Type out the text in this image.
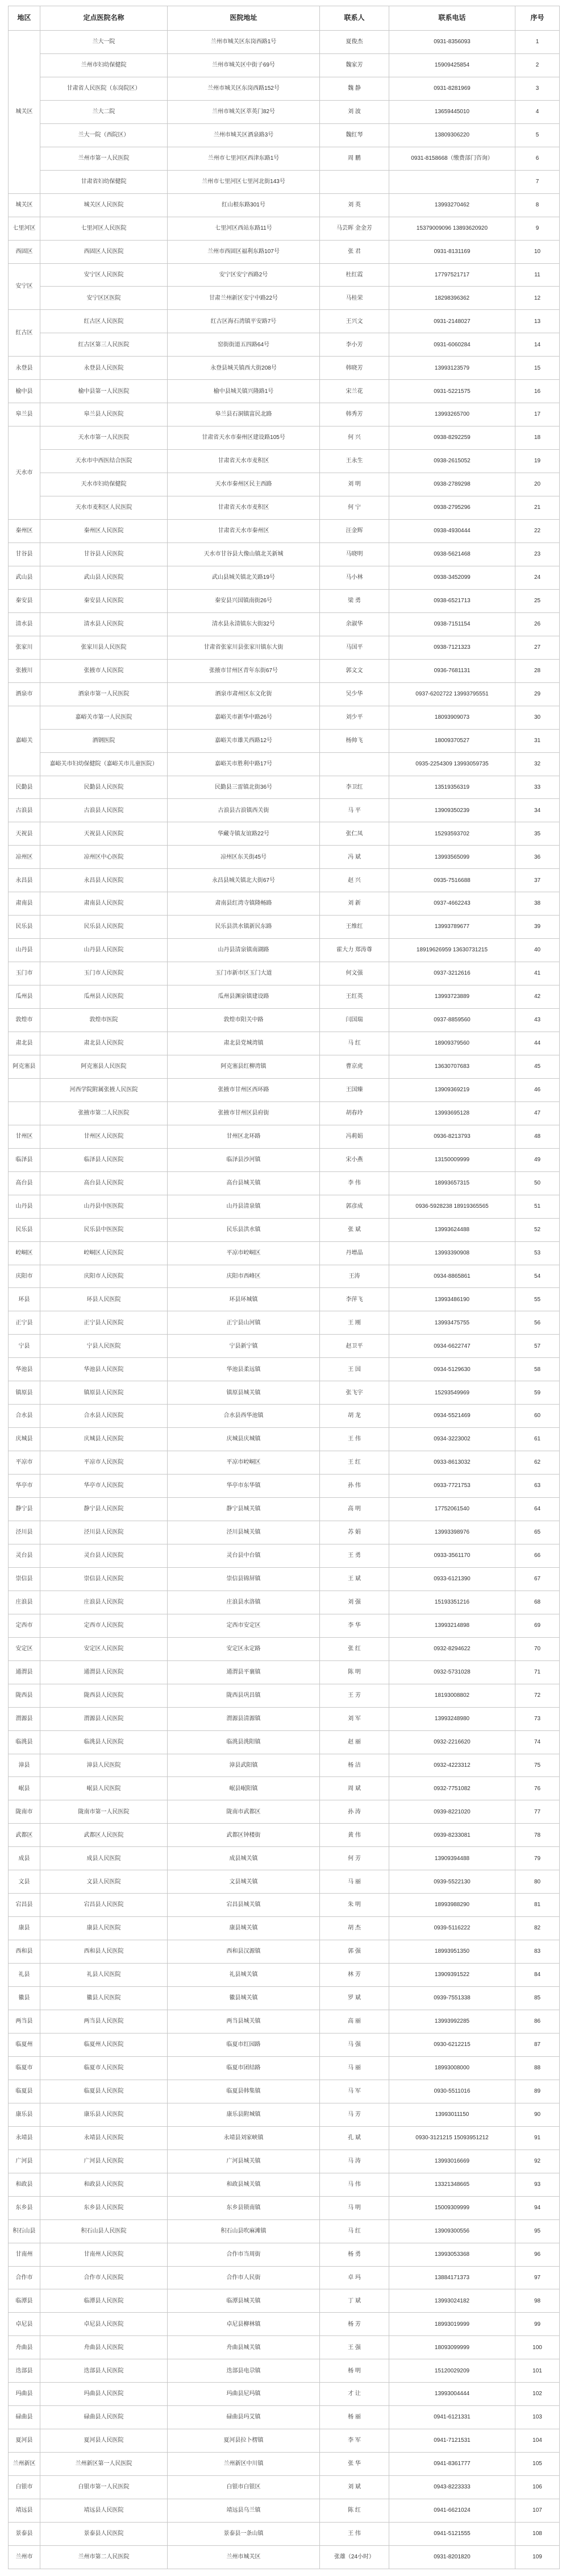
地区	定点医院名称	医院地址	联系人	联系电话	序号
城关区	兰大一院	兰州市城关区东岗西路1号	夏俊杰	0931-8356093	1
	兰州市妇幼保健院	兰州市城关区中街子69号	魏家芳	15909425854	2
	甘肃省人民医院（东岗院区）	兰州市城关区东岗西路152号	魏 静	0931-8281969	3
	兰大二院	兰州市城关区萃英门82号	刘 波	13659445010	4
	兰大一院（西院区）	兰州市城关区酒泉路3号	魏红琴	13809306220	5
	兰州市第一人民医院	兰州市七里河区西津东路1号	周 鹏	0931-8158668（缴费部门咨询）	6
	甘肃省妇幼保健院	兰州市七里河区七里河北街143号			7
城关区	城关区人民医院	红山根东路301号	刘 英	13993270462	8
七里河区	七里河区人民医院	七里河区西站东路11号	马芸晖 金金芳	15379009096 13893620920	9
西固区	西固区人民医院	兰州市西固区福利东路107号	张 君	0931-8131169	10
安宁区	安宁区人民医院	安宁区安宁西路2号	杜红霞	17797521717	11
	安宁区区医院	甘肃兰州新区安宁中路22号	马桂荣	18298396362	12
红古区	红古区人民医院	红古区海石湾镇平安路7号	王兴文	0931-2148027	13
	红古区第三人民医院	窑街街道五四路64号	李小芳	0931-6060284	14
永登县	永登县人民医院	永登县城关镇西大街208号	韩晓芳	13993123579	15
榆中县	榆中县第一人民医院	榆中县城关镇兴隆路1号	宋兰花	0931-5221575	16
皋兰县	皋兰县人民医院	皋兰县石洞镇富民北路	韩秀芳	13993265700	17
天水市	天水市第一人民医院	甘肃省天水市秦州区建设路105号	何 兴	0938-8292259	18
	天水市中西医结合医院	甘肃省天水市麦积区	王永生	0938-2615052	19
	天水市妇幼保健院	天水市秦州区民主西路	刘 明	0938-2789298	20
	天水市麦积区人民医院	甘肃省天水市麦积区	何 宁	0938-2795296	21
秦州区	秦州区人民医院	甘肃省天水市秦州区	汪金辉	0938-4930444	22
甘谷县	甘谷县人民医院	天水市甘谷县大像山镇北关新城	马晓明	0938-5621468	23
武山县	武山县人民医院	武山县城关镇北关路19号	马小林	0938-3452099	24
秦安县	秦安县人民医院	秦安县兴国镇南街26号	梁 勇	0938-6521713	25
清水县	清水县人民医院	清水县永清镇东大街32号	余淑华	0938-7151154	26
张家川	张家川县人民医院	甘肃省张家川县张家川镇东大街	马国平	0938-7121323	27
张掖川	张掖市人民医院	张掖市甘州区青年东街67号	郭文文	0936-7681131	28
酒泉市	酒泉市第一人民医院	酒泉市肃州区东文化街	吴少华	0937-6202722 13993795551	29
嘉峪关	嘉峪关市第一人民医院	嘉峪关市新华中路26号	刘少平	18093909073	30
	酒钢医院	嘉峪关市雄关西路12号	杨帅飞	18009370527	31
	嘉峪关市妇幼保健院（嘉峪关市儿童医院）	嘉峪关市胜利中路17号		0935-2254309 13993059735	32
民勤县	民勤县人民医院	民勤县三雷镇北街36号	李卫红	13519356319	33
古浪县	古浪县人民医院	古浪县古浪镇西关街	马 平	13909350239	34
天祝县	天祝县人民医院	华藏寺镇友谊路22号	张仁凤	15293593702	35
凉州区	凉州区中心医院	凉州区东关街45号	冯 斌	13993565099	36
永昌县	永昌县人民医院	永昌县城关镇北大街67号	赵 兴	0935-7516688	37
肃南县	肃南县人民医院	肃南县红湾寺镇隆畅路	刘 新	0937-4662243	38
民乐县	民乐县人民医院	民乐县洪水镇新民东路	王维红	13993789677	39
山丹县	山丹县人民医院	山丹县清泉镇南湖路	霍大力 郑涛尊	18919626959 13630731215	40
玉门市	玉门市人民医院	玉门市新市区玉门大道	何文强	0937-3212616	41
瓜州县	瓜州县人民医院	瓜州县渊泉镇建设路	王红英	13993723889	42
敦煌市	敦煌市医院	敦煌市阳关中路	闫国瑞	0937-8859560	43
肃北县	肃北县人民医院	肃北县党城湾镇	马 红	18909379560	44
阿克塞县	阿克塞县人民医院	阿克塞县红柳湾镇	曹京虎	13630707683	45
	河西学院附属张掖人民医院	张掖市甘州区西环路	王国臻	13909369219	46
	张掖市第二人民医院	张掖市甘州区县府街	胡春玲	13993695128	47
甘州区	甘州区人民医院	甘州区北环路	冯莉娟	0936-8213793	48
临泽县	临泽县人民医院	临泽县沙河镇	宋小燕	13150009999	49
高台县	高台县人民医院	高台县城关镇	李 伟	18993657315	50
山丹县	山丹县中医医院	山丹县清泉镇	郭彦成	0936-5928238 18919365565	51
民乐县	民乐县中医医院	民乐县洪水镇	张 斌	13993624488	52
崆峒区	崆峒区人民医院	平凉市崆峒区	丹增晶	13993390908	53
庆阳市	庆阳市人民医院	庆阳市西峰区	王涛	0934-8865861	54
环县	环县人民医院	环县环城镇	李萍飞	13993486190	55
正宁县	正宁县人民医院	正宁县山河镇	王 刚	13993475755	56
宁县	宁县人民医院	宁县新宁镇	赵卫平	0934-6622747	57
华池县	华池县人民医院	华池县柔远镇	王 国	0934-5129630	58
镇原县	镇原县人民医院	镇原县城关镇	张飞宇	15293549969	59
合水县	合水县人民医院	合水县西华池镇	胡 龙	0934-5521469	60
庆城县	庆城县人民医院	庆城县庆城镇	王 伟	0934-3223002	61
平凉市	平凉市人民医院	平凉市崆峒区	王 红	0933-8613032	62
华亭市	华亭市人民医院	华亭市东华镇	孙 伟	0933-7721753	63
静宁县	静宁县人民医院	静宁县城关镇	高 明	17752061540	64
泾川县	泾川县人民医院	泾川县城关镇	苏 娟	13993398976	65
灵台县	灵台县人民医院	灵台县中台镇	王 勇	0933-3561170	66
崇信县	崇信县人民医院	崇信县锦屏镇	王 斌	0933-6121390	67
庄浪县	庄浪县人民医院	庄浪县水洛镇	刘 强	15193351216	68
定西市	定西市人民医院	定西市安定区	李 华	13993214898	69
安定区	安定区人民医院	安定区永定路	张 红	0932-8294622	70
通渭县	通渭县人民医院	通渭县平襄镇	陈 明	0932-5731028	71
陇西县	陇西县人民医院	陇西县巩昌镇	王 芳	18193008802	72
渭源县	渭源县人民医院	渭源县清源镇	刘 军	13993248980	73
临洮县	临洮县人民医院	临洮县洮阳镇	赵 丽	0932-2216620	74
漳县	漳县人民医院	漳县武阳镇	杨 洁	0932-4223312	75
岷县	岷县人民医院	岷县岷阳镇	周 斌	0932-7751082	76
陇南市	陇南市第一人民医院	陇南市武都区	孙 涛	0939-8221020	77
武都区	武都区人民医院	武都区钟楼街	黄 伟	0939-8233081	78
成县	成县人民医院	成县城关镇	何 芳	13909394488	79
文县	文县人民医院	文县城关镇	马 丽	0939-5522130	80
宕昌县	宕昌县人民医院	宕昌县城关镇	朱 明	18993988290	81
康县	康县人民医院	康县城关镇	胡 杰	0939-5116222	82
西和县	西和县人民医院	西和县汉源镇	郭 强	18993951350	83
礼县	礼县人民医院	礼县城关镇	林 芳	13909391522	84
徽县	徽县人民医院	徽县城关镇	罗 斌	0939-7551338	85
两当县	两当县人民医院	两当县城关镇	高 丽	13993992285	86
临夏州	临夏州人民医院	临夏市红园路	马 强	0930-6212215	87
临夏市	临夏市人民医院	临夏市团结路	马 丽	18993008000	88
临夏县	临夏县人民医院	临夏县韩集镇	马 军	0930-5511016	89
康乐县	康乐县人民医院	康乐县附城镇	马 芳	13993011150	90
永靖县	永靖县人民医院	永靖县刘家峡镇	孔 斌	0930-3121215 15093951212	91
广河县	广河县人民医院	广河县城关镇	马 涛	13993016669	92
和政县	和政县人民医院	和政县城关镇	马 伟	13321348665	93
东乡县	东乡县人民医院	东乡县锁南镇	马 明	15009309999	94
积石山县	积石山县人民医院	积石山县吹麻滩镇	马 红	13909300556	95
甘南州	甘南州人民医院	合作市当周街	杨 勇	13993053368	96
合作市	合作市人民医院	合作市人民街	卓 玛	13884171373	97
临潭县	临潭县人民医院	临潭县城关镇	丁 斌	13993024182	98
卓尼县	卓尼县人民医院	卓尼县柳林镇	杨 芳	18993019999	99
舟曲县	舟曲县人民医院	舟曲县城关镇	王 强	18093099999	100
迭部县	迭部县人民医院	迭部县电尕镇	杨 明	15120029209	101
玛曲县	玛曲县人民医院	玛曲县尼玛镇	才 让	13993004444	102
碌曲县	碌曲县人民医院	碌曲县玛艾镇	杨 丽	0941-6121331	103
夏河县	夏河县人民医院	夏河县拉卜楞镇	李 军	0941-7121531	104
兰州新区	兰州新区第一人民医院	兰州新区中川镇	张 华	0941-8361777	105
白银市	白银市第一人民医院	白银市白银区	刘 斌	0943-8223333	106
靖远县	靖远县人民医院	靖远县乌兰镇	陈 红	0941-6621024	107
景泰县	景泰县人民医院	景泰县一条山镇	王 伟	0941-5121555	108
兰州市	兰州市第二人民医院	兰州市城关区	张雄（24小时）	0931-8201820	109
